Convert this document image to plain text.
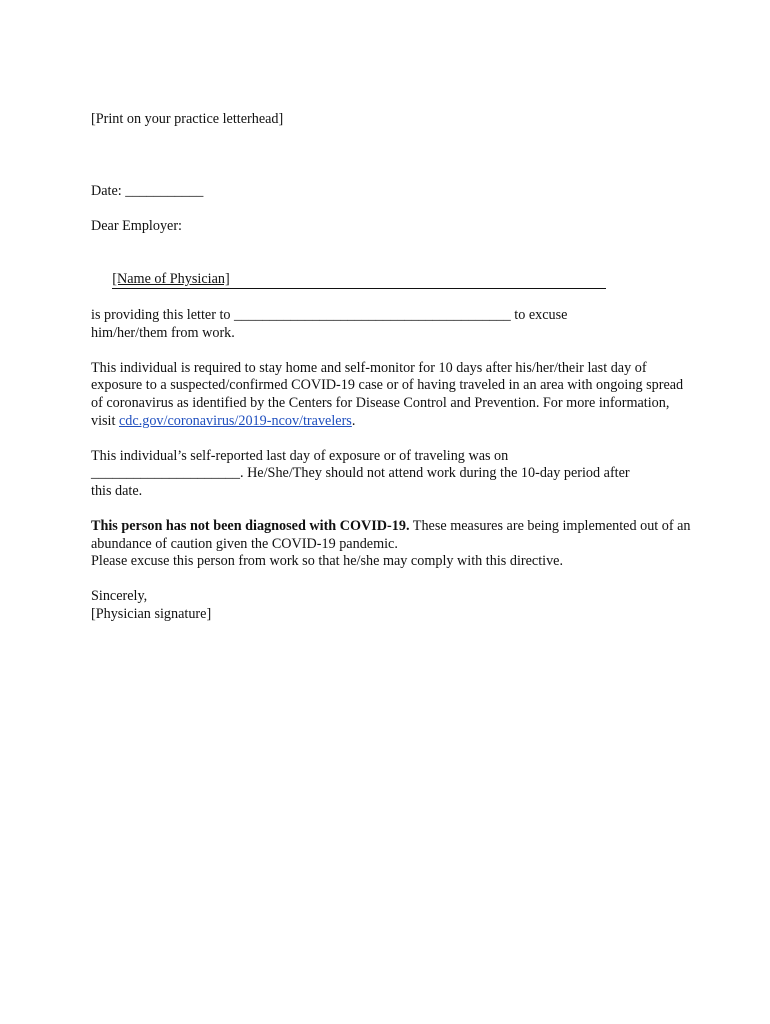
[Print on your practice letterhead]
Date: ___________
Dear Employer:

[Name of Physician]

is providing this letter to _______________________________________ to excuse
him/her/them from work.

This individual is required to stay home and self-monitor for 10 days after his/her/their last day of exposure to a suspected/confirmed COVID-19 case or of having traveled in an area with ongoing spread of coronavirus as identified by the Centers for Disease Control and Prevention. For more information, visit cdc.gov/coronavirus/2019-ncov/travelers.

This individual’s self-reported last day of exposure or of traveling was on
_____________________. He/She/They should not attend work during the 10-day period after
this date.

This person has not been diagnosed with COVID-19. These measures are being implemented out of an abundance of caution given the COVID-19 pandemic.

Please excuse this person from work so that he/she may comply with this directive.
Sincerely,
[Physician signature]
